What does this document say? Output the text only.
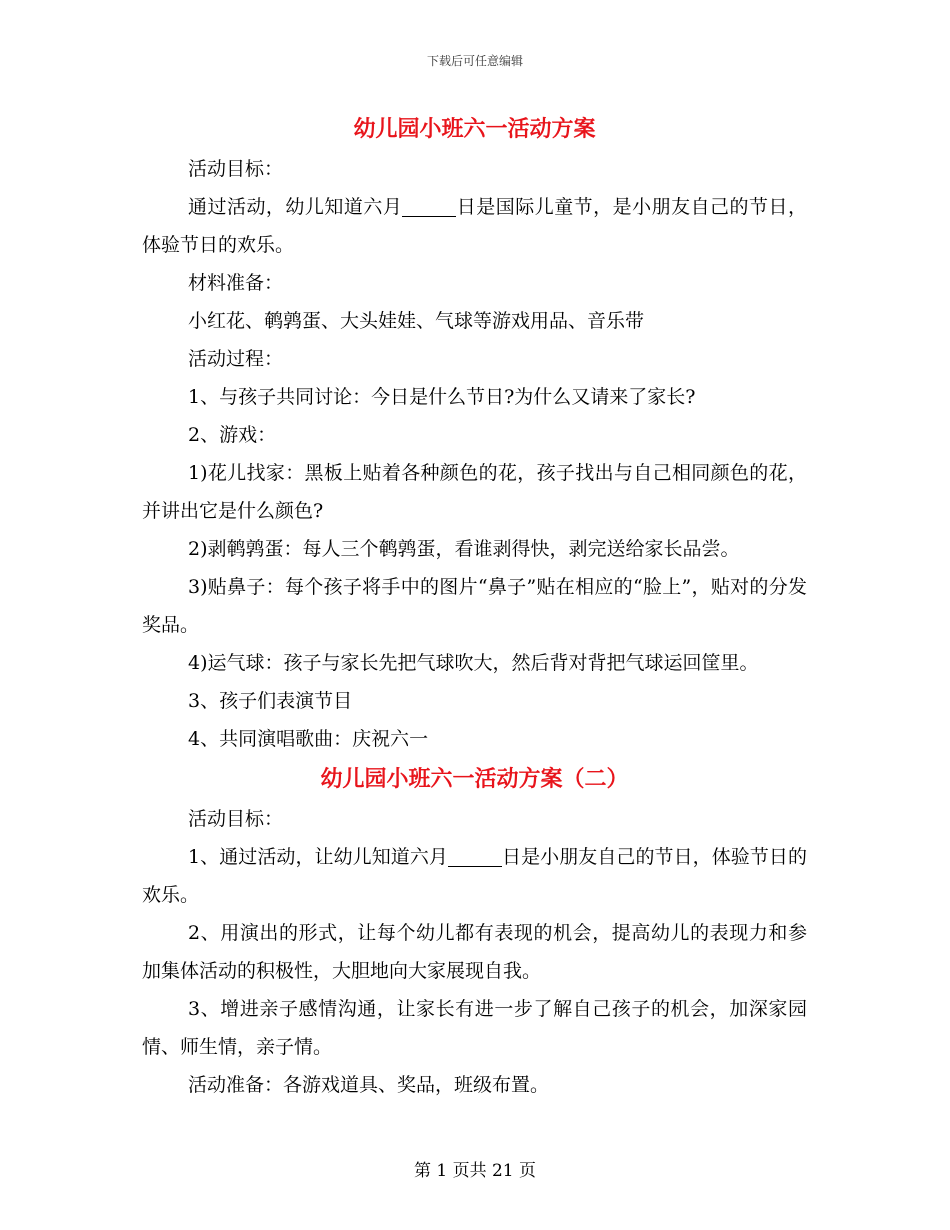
下载后可任意编辑
幼儿园小班六一活动方案

活动目标：

通过活动，幼儿知道六月	日是国际儿童节，是小朋友自己的节日，体验节日的欢乐。

材料准备：

小红花、鹌鹑蛋、大头娃娃、气球等游戏用品、音乐带

活动过程：

1、与孩子共同讨论：今日是什么节日?为什么又请来了家长?

2、游戏：

1)花儿找家：黑板上贴着各种颜色的花，孩子找出与自己相同颜色的花，并讲出它是什么颜色?

2)剥鹌鹑蛋：每人三个鹌鹑蛋，看谁剥得快，剥完送给家长品尝。

3)贴鼻子：每个孩子将手中的图片“鼻子”贴在相应的“脸上”，贴对的分发奖品。

4)运气球：孩子与家长先把气球吹大，然后背对背把气球运回筐里。

3、孩子们表演节目

4、共同演唱歌曲：庆祝六一

幼儿园小班六一活动方案（二）

活动目标：

1、通过活动，让幼儿知道六月	日是小朋友自己的节日，体验节日的欢乐。

2、用演出的形式，让每个幼儿都有表现的机会，提高幼儿的表现力和参加集体活动的积极性，大胆地向大家展现自我。

3、增进亲子感情沟通，让家长有进一步了解自己孩子的机会，加深家园情、师生情，亲子情。

活动准备：各游戏道具、奖品，班级布置。

第 1 页共 21 页
